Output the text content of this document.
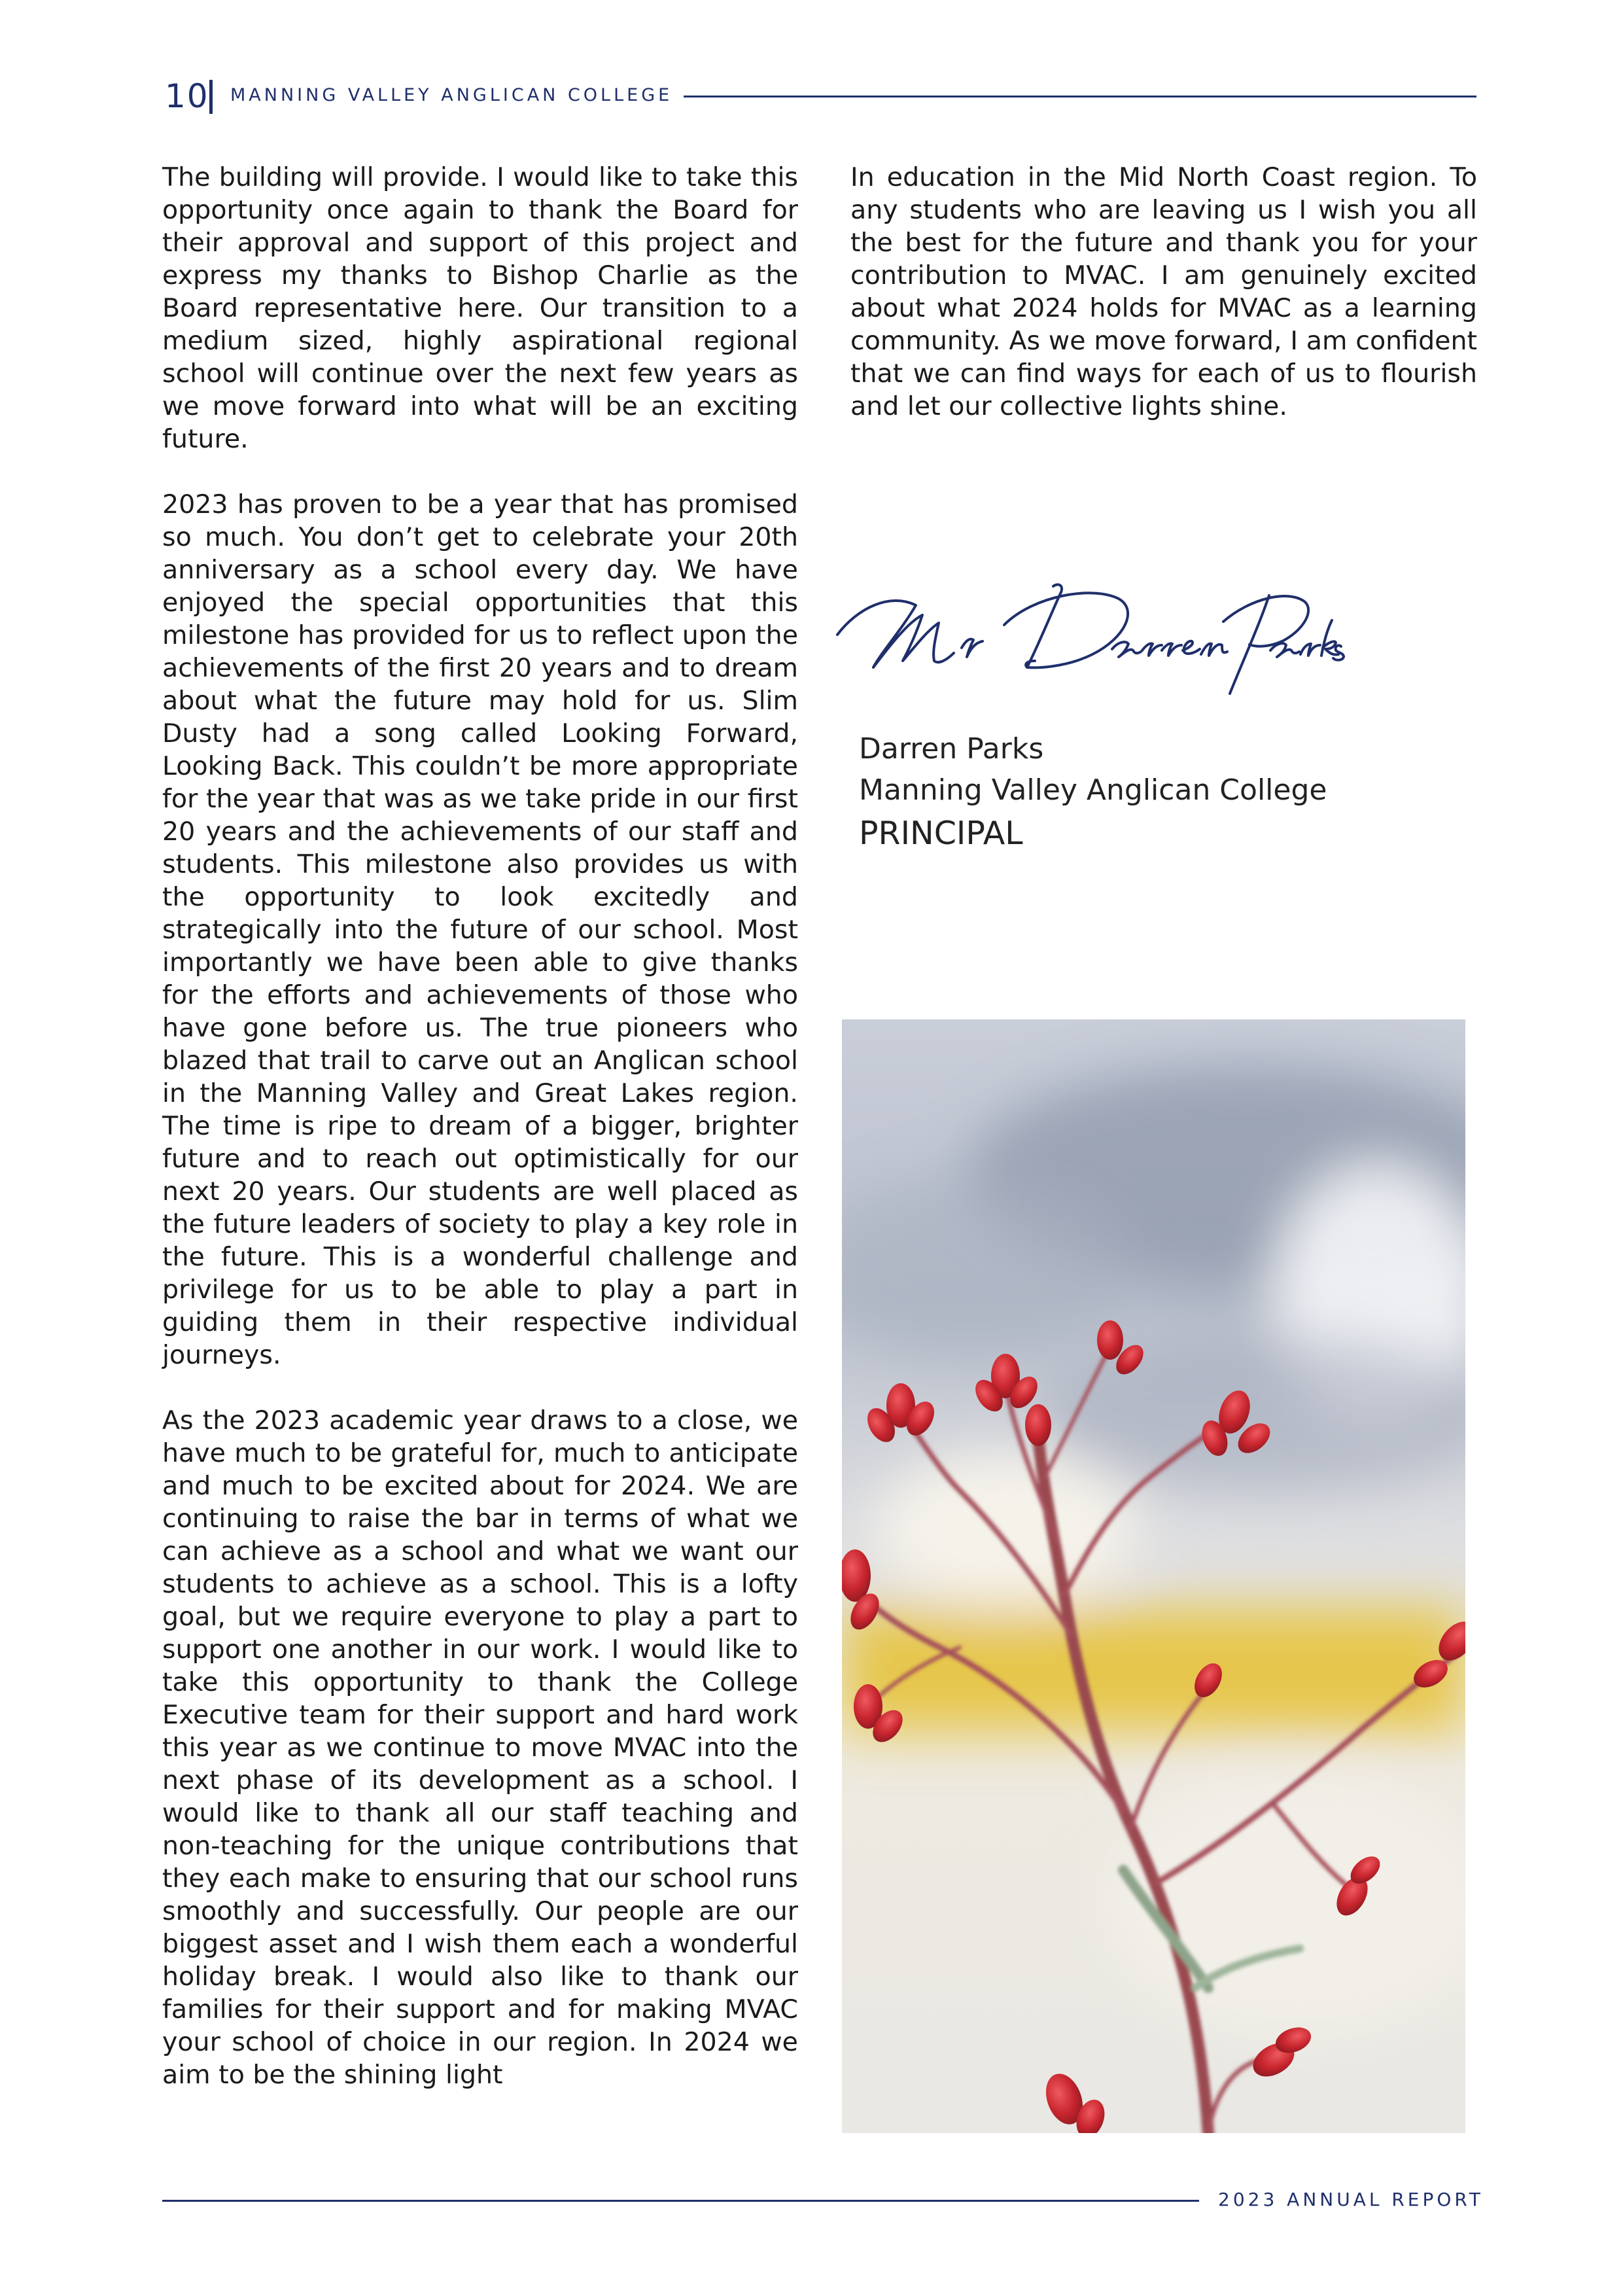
10 MANNING VALLEY ANGLICAN COLLEGE

The building will provide. I would like to take this opportunity once again to thank the Board for their approval and support of this project and express my thanks to Bishop Charlie as the Board representative here. Our transition to a medium sized, highly aspirational regional school will continue over the next few years as we move forward into what will be an exciting future.

2023 has proven to be a year that has promised so much. You don’t get to celebrate your 20th anniversary as a school every day. We have enjoyed the special opportunities that this milestone has provided for us to reflect upon the achievements of the first 20 years and to dream about what the future may hold for us. Slim Dusty had a song called Looking Forward, Looking Back. This couldn’t be more appropriate for the year that was as we take pride in our first 20 years and the achievements of our staff and students. This milestone also provides us with the opportunity to look excitedly and strategically into the future of our school. Most importantly we have been able to give thanks for the efforts and achievements of those who have gone before us. The true pioneers who blazed that trail to carve out an Anglican school in the Manning Valley and Great Lakes region. The time is ripe to dream of a bigger, brighter future and to reach out optimistically for our next 20 years. Our students are well placed as the future leaders of society to play a key role in the future. This is a wonderful challenge and privilege for us to be able to play a part in guiding them in their respective individual journeys.

As the 2023 academic year draws to a close, we have much to be grateful for, much to anticipate and much to be excited about for 2024. We are continuing to raise the bar in terms of what we can achieve as a school and what we want our students to achieve as a school. This is a lofty goal, but we require everyone to play a part to support one another in our work. I would like to take this opportunity to thank the College Executive team for their support and hard work this year as we continue to move MVAC into the next phase of its development as a school. I would like to thank all our staff teaching and non-teaching for the unique contributions that they each make to ensuring that our school runs smoothly and successfully. Our people are our biggest asset and I wish them each a wonderful holiday break. I would also like to thank our families for their support and for making MVAC your school of choice in our region. In 2024 we aim to be the shining light

In education in the Mid North Coast region. To any students who are leaving us I wish you all the best for the future and thank you for your contribution to MVAC. I am genuinely excited about what 2024 holds for MVAC as a learning community. As we move forward, I am confident that we can find ways for each of us to flourish and let our collective lights shine.

Darren Parks
Manning Valley Anglican College
PRINCIPAL
2023 ANNUAL REPORT
